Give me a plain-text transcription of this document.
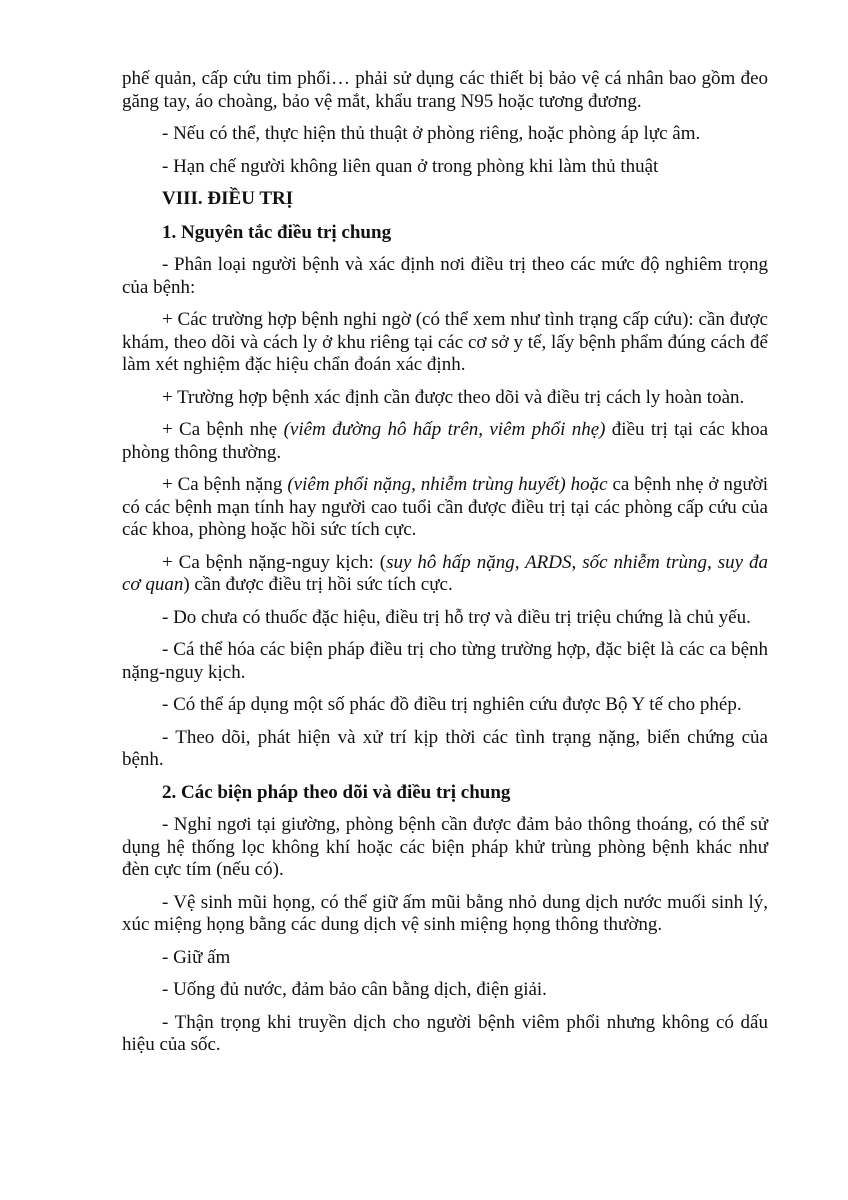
phế quản, cấp cứu tim phổi… phải sử dụng các thiết bị bảo vệ cá nhân bao gồm đeo găng tay, áo choàng, bảo vệ mắt, khẩu trang N95 hoặc tương đương.

- Nếu có thể, thực hiện thủ thuật ở phòng riêng, hoặc phòng áp lực âm.

- Hạn chế người không liên quan ở trong phòng khi làm thủ thuật

VIII. ĐIỀU TRỊ
1. Nguyên tắc điều trị chung

- Phân loại người bệnh và xác định nơi điều trị theo các mức độ nghiêm trọng của bệnh:

+ Các trường hợp bệnh nghi ngờ (có thể xem như tình trạng cấp cứu): cần được khám, theo dõi và cách ly ở khu riêng tại các cơ sở y tế, lấy bệnh phẩm đúng cách để làm xét nghiệm đặc hiệu chẩn đoán xác định.

+ Trường hợp bệnh xác định cần được theo dõi và điều trị cách ly hoàn toàn.

+ Ca bệnh nhẹ (viêm đường hô hấp trên, viêm phổi nhẹ) điều trị tại các khoa phòng thông thường.

+ Ca bệnh nặng (viêm phổi nặng, nhiễm trùng huyết) hoặc ca bệnh nhẹ ở người có các bệnh mạn tính hay người cao tuổi cần được điều trị tại các phòng cấp cứu của các khoa, phòng hoặc hồi sức tích cực.

+ Ca bệnh nặng-nguy kịch: (suy hô hấp nặng, ARDS, sốc nhiễm trùng, suy đa cơ quan) cần được điều trị hồi sức tích cực.

- Do chưa có thuốc đặc hiệu, điều trị hỗ trợ và điều trị triệu chứng là chủ yếu.

- Cá thể hóa các biện pháp điều trị cho từng trường hợp, đặc biệt là các ca bệnh nặng-nguy kịch.

- Có thể áp dụng một số phác đồ điều trị nghiên cứu được Bộ Y tế cho phép.

- Theo dõi, phát hiện và xử trí kịp thời các tình trạng nặng, biến chứng của bệnh.

2. Các biện pháp theo dõi và điều trị chung

- Nghỉ ngơi tại giường, phòng bệnh cần được đảm bảo thông thoáng, có thể sử dụng hệ thống lọc không khí hoặc các biện pháp khử trùng phòng bệnh khác như đèn cực tím (nếu có).

- Vệ sinh mũi họng, có thể giữ ấm mũi bằng nhỏ dung dịch nước muối sinh lý, xúc miệng họng bằng các dung dịch vệ sinh miệng họng thông thường.

- Giữ ấm

- Uống đủ nước, đảm bảo cân bằng dịch, điện giải.

- Thận trọng khi truyền dịch cho người bệnh viêm phổi nhưng không có dấu hiệu của sốc.
